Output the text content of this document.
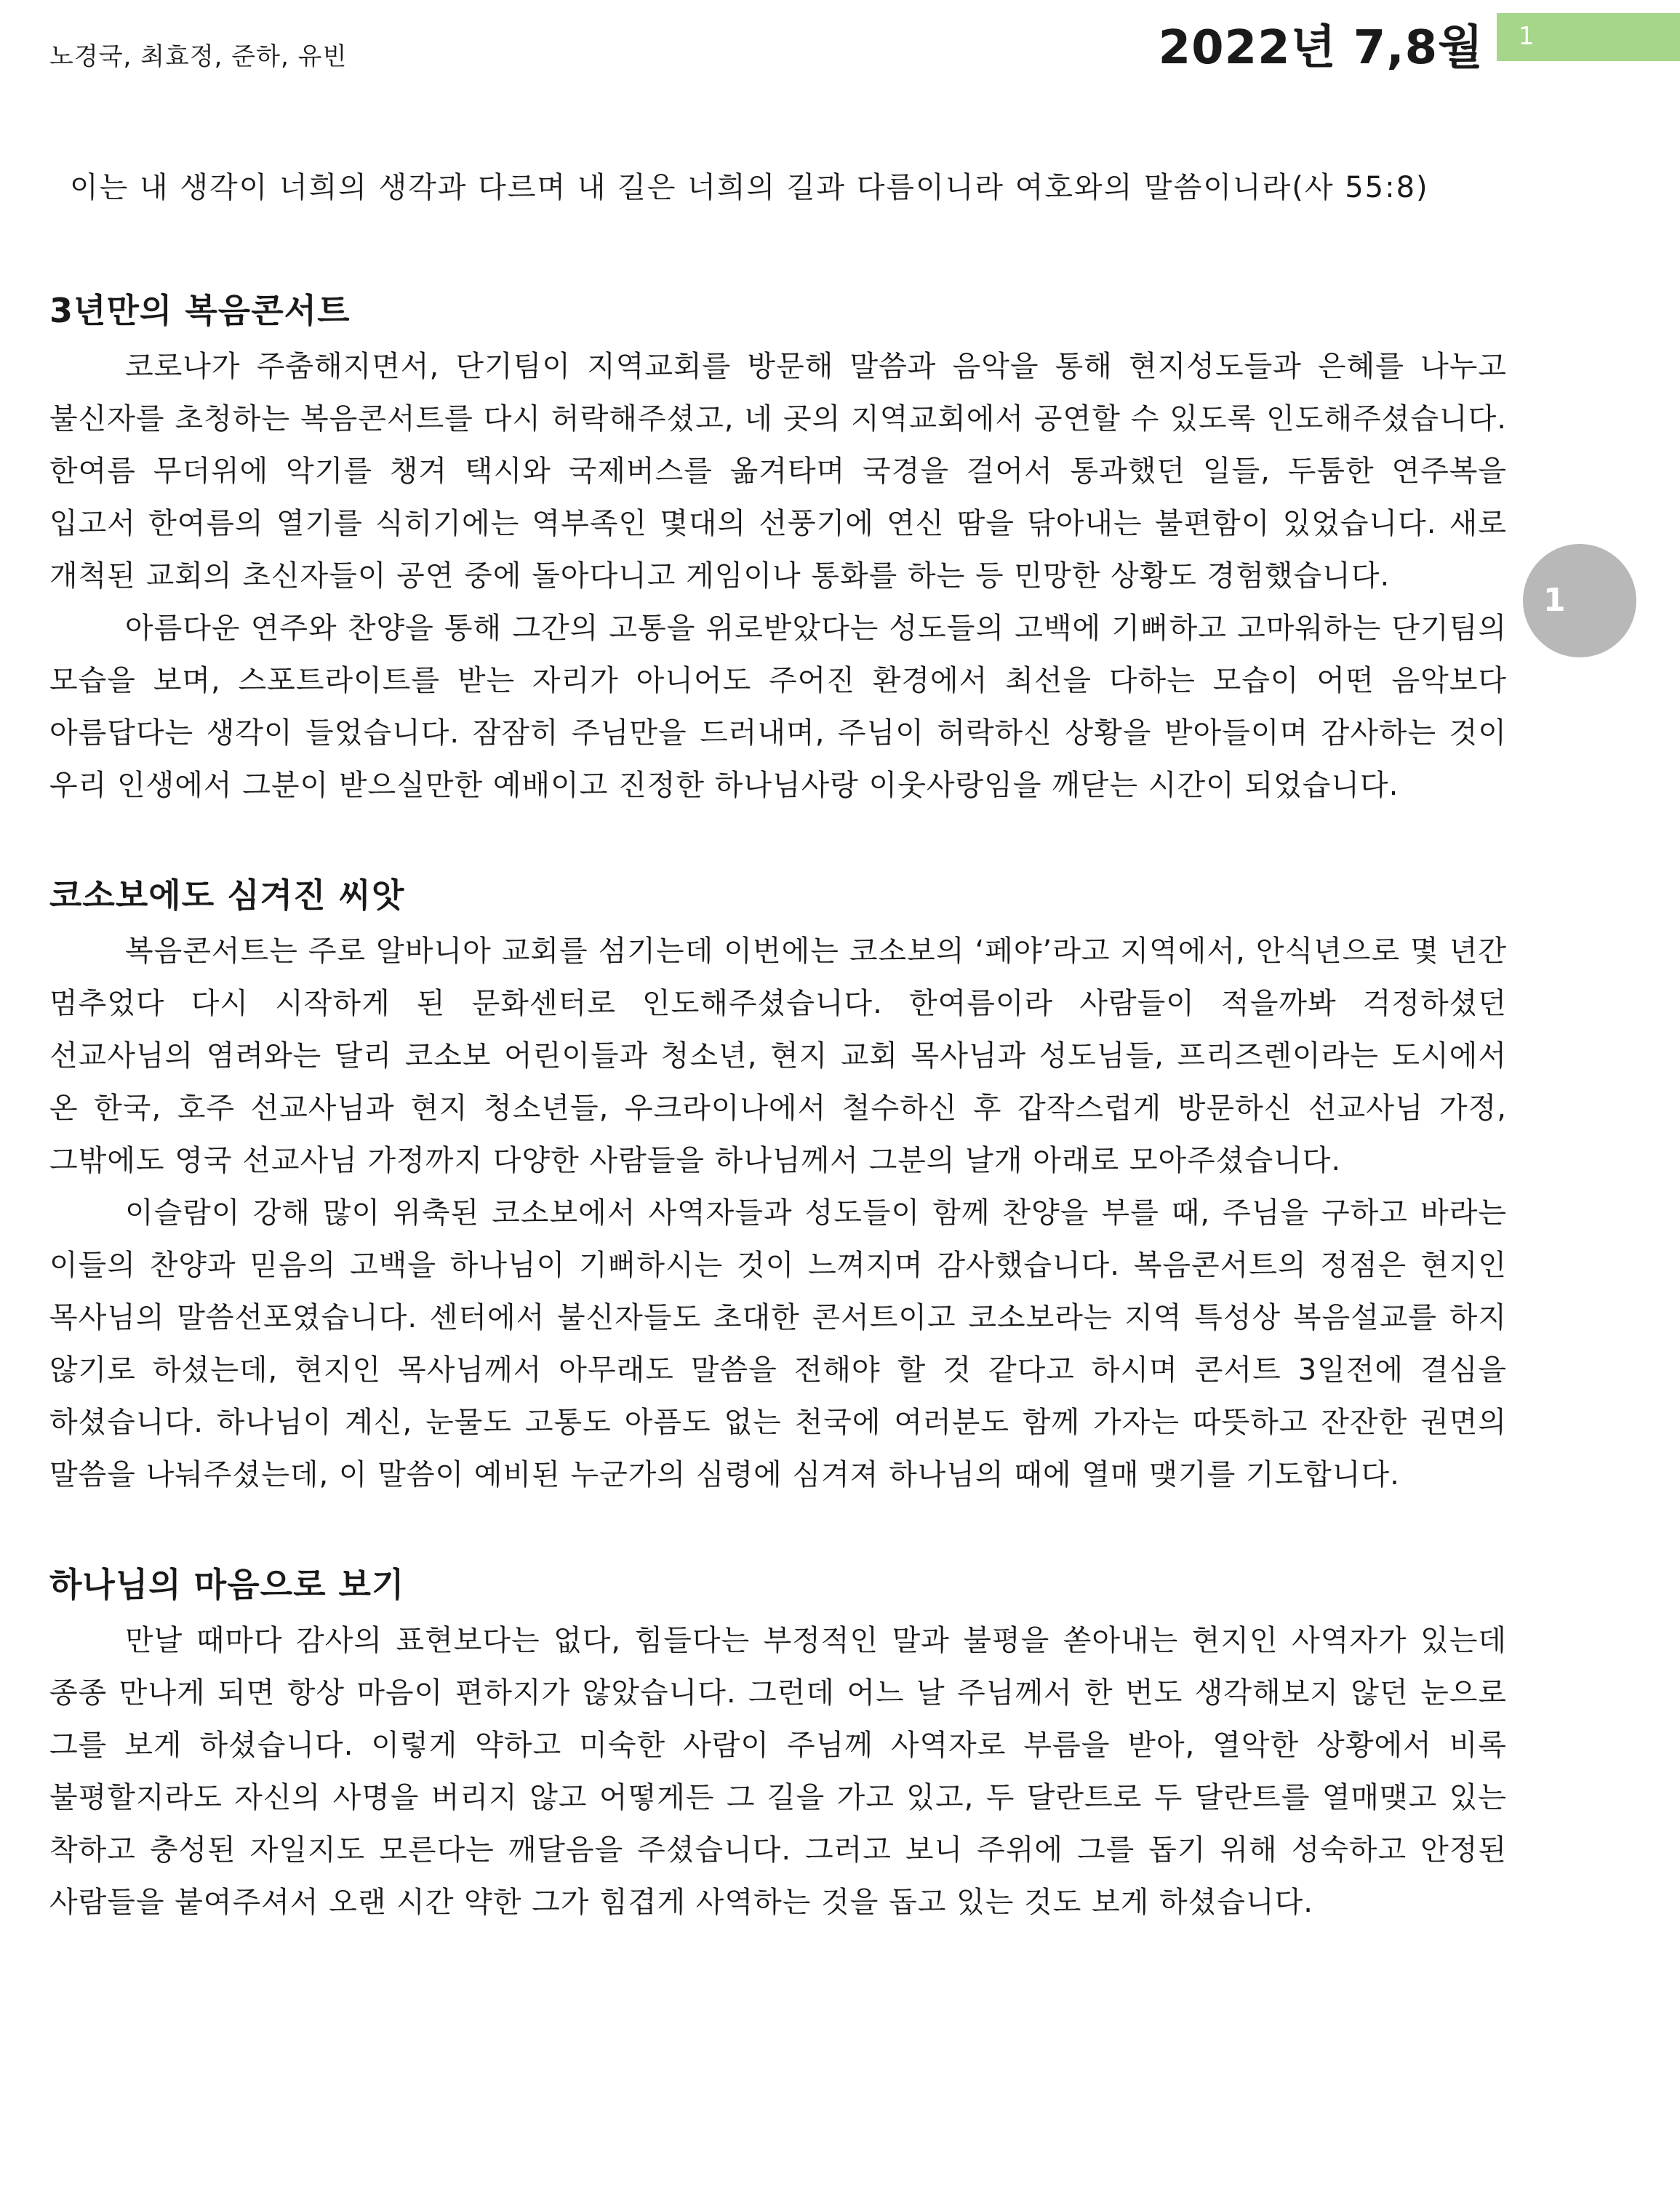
노경국, 최효정, 준하, 유빈	2022년 7,8월 1
이는 내 생각이 너희의 생각과 다르며 내 길은 너희의 길과 다름이니라 여호와의 말씀이니라(사 55:8)
1
3년만의 복음콘서트

코로나가 주춤해지면서, 단기팀이 지역교회를 방문해 말씀과 음악을 통해 현지성도들과 은혜를 나누고 불신자를 초청하는 복음콘서트를 다시 허락해주셨고, 네 곳의 지역교회에서 공연할 수 있도록 인도해주셨습니다. 한여름 무더위에 악기를 챙겨 택시와 국제버스를 옮겨타며 국경을 걸어서 통과했던 일들, 두툼한 연주복을 입고서 한여름의 열기를 식히기에는 역부족인 몇대의 선풍기에 연신 땀을 닦아내는 불편함이 있었습니다. 새로 개척된 교회의 초신자들이 공연 중에 돌아다니고 게임이나 통화를 하는 등 민망한 상황도 경험했습니다.

아름다운 연주와 찬양을 통해 그간의 고통을 위로받았다는 성도들의 고백에 기뻐하고 고마워하는 단기팀의 모습을 보며, 스포트라이트를 받는 자리가 아니어도 주어진 환경에서 최선을 다하는 모습이 어떤 음악보다 아름답다는 생각이 들었습니다. 잠잠히 주님만을 드러내며, 주님이 허락하신 상황을 받아들이며 감사하는 것이 우리 인생에서 그분이 받으실만한 예배이고 진정한 하나님사랑 이웃사랑임을 깨닫는 시간이 되었습니다.

코소보에도 심겨진 씨앗

복음콘서트는 주로 알바니아 교회를 섬기는데 이번에는 코소보의 ‘페야’라고 지역에서, 안식년으로 몇 년간 멈추었다 다시 시작하게 된 문화센터로 인도해주셨습니다. 한여름이라 사람들이 적을까봐 걱정하셨던 선교사님의 염려와는 달리 코소보 어린이들과 청소년, 현지 교회 목사님과 성도님들, 프리즈렌이라는 도시에서 온 한국, 호주 선교사님과 현지 청소년들, 우크라이나에서 철수하신 후 갑작스럽게 방문하신 선교사님 가정, 그밖에도 영국 선교사님 가정까지 다양한 사람들을 하나님께서 그분의 날개 아래로 모아주셨습니다.

이슬람이 강해 많이 위축된 코소보에서 사역자들과 성도들이 함께 찬양을 부를 때, 주님을 구하고 바라는 이들의 찬양과 믿음의 고백을 하나님이 기뻐하시는 것이 느껴지며 감사했습니다. 복음콘서트의 정점은 현지인 목사님의 말씀선포였습니다. 센터에서 불신자들도 초대한 콘서트이고 코소보라는 지역 특성상 복음설교를 하지 않기로 하셨는데, 현지인 목사님께서 아무래도 말씀을 전해야 할 것 같다고 하시며 콘서트 3일전에 결심을 하셨습니다. 하나님이 계신, 눈물도 고통도 아픔도 없는 천국에 여러분도 함께 가자는 따뜻하고 잔잔한 권면의 말씀을 나눠주셨는데, 이 말씀이 예비된 누군가의 심령에 심겨져 하나님의 때에 열매 맺기를 기도합니다.

하나님의 마음으로 보기

만날 때마다 감사의 표현보다는 없다, 힘들다는 부정적인 말과 불평을 쏟아내는 현지인 사역자가 있는데 종종 만나게 되면 항상 마음이 편하지가 않았습니다. 그런데 어느 날 주님께서 한 번도 생각해보지 않던 눈으로 그를 보게 하셨습니다. 이렇게 약하고 미숙한 사람이 주님께 사역자로 부름을 받아, 열악한 상황에서 비록 불평할지라도 자신의 사명을 버리지 않고 어떻게든 그 길을 가고 있고, 두 달란트로 두 달란트를 열매맺고 있는 착하고 충성된 자일지도 모른다는 깨달음을 주셨습니다. 그러고 보니 주위에 그를 돕기 위해 성숙하고 안정된 사람들을 붙여주셔서 오랜 시간 약한 그가 힘겹게 사역하는 것을 돕고 있는 것도 보게 하셨습니다.
